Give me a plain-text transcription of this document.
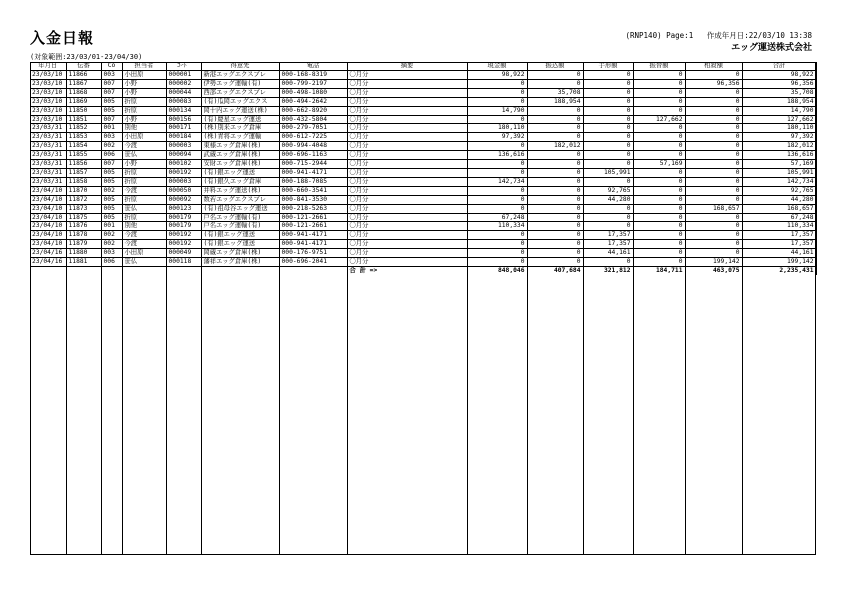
入金日報	(RNP140) Page:1 作成年月日:22/03/10 13:38
エッグ運送株式会社
(対象範囲:23/03/01-23/04/30)
年月日	伝番	Co	担当者	ｺｰﾄﾞ	得意先	電話	摘要	現金額	振込額	手形額	振替額	相殺額	合計
23/03/10	11866	003	小田原	000001	新港エッグエクスプレ	000-168-8319	〇月分	98,922	0	0	0	0	98,922
23/03/10	11867	007	小野	000002	伊勢エッグ運輸(有)	000-799-2197	〇月分	0	0	0	0	96,356	96,356
23/03/10	11868	007	小野	000044	西部エッグエクスプレ	000-498-1080	〇月分	0	35,708	0	0	0	35,708
23/03/10	11869	005	折原	000083	(有)瓜岡エッグエクス	000-494-2642	〇月分	0	188,954	0	0	0	188,954
23/03/10	11850	005	折原	000134	岡十内エッグ運送(株)	000-662-8920	〇月分	14,790	0	0	0	0	14,790
23/03/10	11851	007	小野	000156	(有)慶星エッグ運送	000-432-5804	〇月分	0	0	0	127,662	0	127,662
23/03/31	11852	001	別他	000171	(株)別来エッグ倉庫	000-279-7051	〇月分	180,110	0	0	0	0	180,110
23/03/31	11853	003	小田原	000184	(株)青将エッグ運輸	000-612-7225	〇月分	97,392	0	0	0	0	97,392
23/03/31	11854	002	今渡	000003	東様エッグ倉庫(株)	000-994-4048	〇月分	0	182,012	0	0	0	182,012
23/03/31	11855	006	笹仏	000094	武蔵エッグ倉庫(株)	000-696-1163	〇月分	136,616	0	0	0	0	136,616
23/03/31	11856	007	小野	000102	安財エッグ倉庫(株)	000-715-2944	〇月分	0	0	0	57,169	0	57,169
23/03/31	11857	005	折原	000192	(有)銀エッグ運送	000-941-4171	〇月分	0	0	105,991	0	0	105,991
23/03/31	11858	005	折原	000003	(有)銀久エッグ倉庫	000-188-7085	〇月分	142,734	0	0	0	0	142,734
23/04/10	11870	002	今渡	000050	井料エッグ運送(株)	000-660-3541	〇月分	0	0	92,765	0	0	92,765
23/04/10	11872	005	折原	000092	数若エッグエクスプレ	000-841-3530	〇月分	0	0	44,280	0	0	44,280
23/04/10	11873	005	笹仏	000123	(有)祖母谷エッグ運送	000-218-5263	〇月分	0	0	0	0	168,657	168,657
23/04/10	11875	005	折原	000179	戸名エッグ運輸(有)	000-121-2661	〇月分	67,248	0	0	0	0	67,248
23/04/10	11876	001	別他	000179	戸名エッグ運輸(有)	000-121-2661	〇月分	110,334	0	0	0	0	110,334
23/04/10	11878	002	今渡	000192	(有)銀エッグ運送	000-941-4171	〇月分	0	0	17,357	0	0	17,357
23/04/10	11879	002	今渡	000192	(有)銀エッグ運送	000-941-4171	〇月分	0	0	17,357	0	0	17,357
23/04/16	11880	003	小田原	000049	岡蔵エッグ倉庫(株)	000-176-9751	〇月分	0	0	44,161	0	0	44,161
23/04/16	11881	006	笹仏	000118	藩祥エッグ倉庫(株)	000-696-2041	〇月分	0	0	0	0	199,142	199,142
							合 計 =>	848,046	407,684	321,812	184,711	463,075	2,235,431
